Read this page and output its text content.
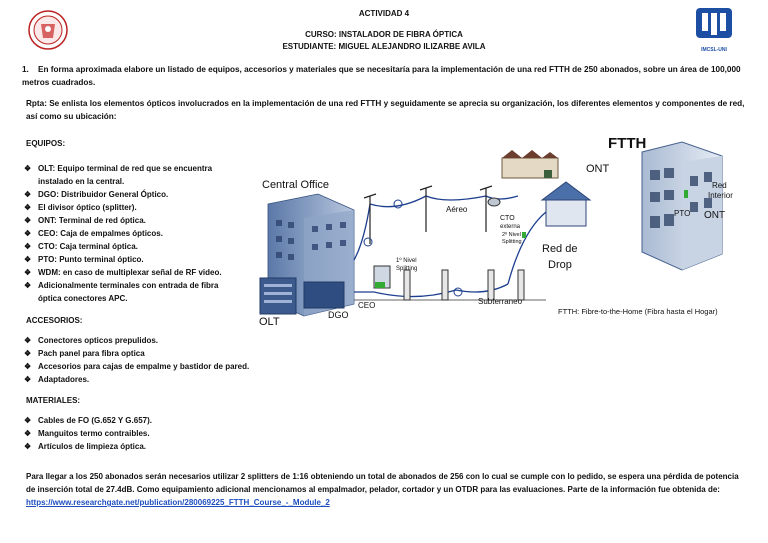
IMCSL-UNI
ACTIVIDAD 4
CURSO: INSTALADOR DE FIBRA ÓPTICA
ESTUDIANTE: MIGUEL ALEJANDRO ILIZARBE AVILA
1. En forma aproximada elabore un listado de equipos, accesorios y materiales que se necesitaría para la implementación de una red FTTH de 250 abonados, sobre un área de 100,000 metros cuadrados.
Rpta: Se enlista los elementos ópticos involucrados en la implementación de una red FTTH y seguidamente se aprecia su organización, los diferentes elementos y componentes de red, así como su ubicación:
EQUIPOS:
❖ OLT: Equipo terminal de red que se encuentra instalado en la central.
❖ DGO: Distribuidor General Óptico.
❖ El divisor óptico (splitter).
❖ ONT: Terminal de red óptica.
❖ CEO: Caja de empalmes ópticos.
❖ CTO: Caja terminal óptica.
❖ PTO: Punto terminal óptico.
❖ WDM: en caso de multiplexar señal de RF video.
❖ Adicionalmente terminales con entrada de fibra óptica conectores APC.
ACCESORIOS:
❖ Conectores opticos prepulidos.
❖ Pach panel para fibra optica
❖ Accesorios para cajas de empalme y bastidor de pared.
❖ Adaptadores.
MATERIALES:
❖ Cables de FO (G.652 Y G.657).
❖ Manguitos termo contraibles.
❖ Artículos de limpieza óptica.
Central Office
OLT
DGO
CEO
1º Nivel
Splitting
Subterraneo
Aéreo
CTO
externa
2º Nivel
Splitting
ONT
Red de
Drop
FTTH
Red
Interior
PTO ONT
FTTH: Fibre-to-the-Home (Fibra hasta el Hogar)
Para llegar a los 250 abonados serán necesarios utilizar 2 splitters de 1:16 obteniendo un total de abonados de 256 con lo cual se cumple con lo pedido, se espera una pérdida de potencia de inserción total de 27.4dB. Como equipamiento adicional mencionamos al empalmador, pelador, cortador y un OTDR para las evaluaciones. Parte de la información fue obtenida de: https://www.researchgate.net/publication/280069225_FTTH_Course_-_Module_2
